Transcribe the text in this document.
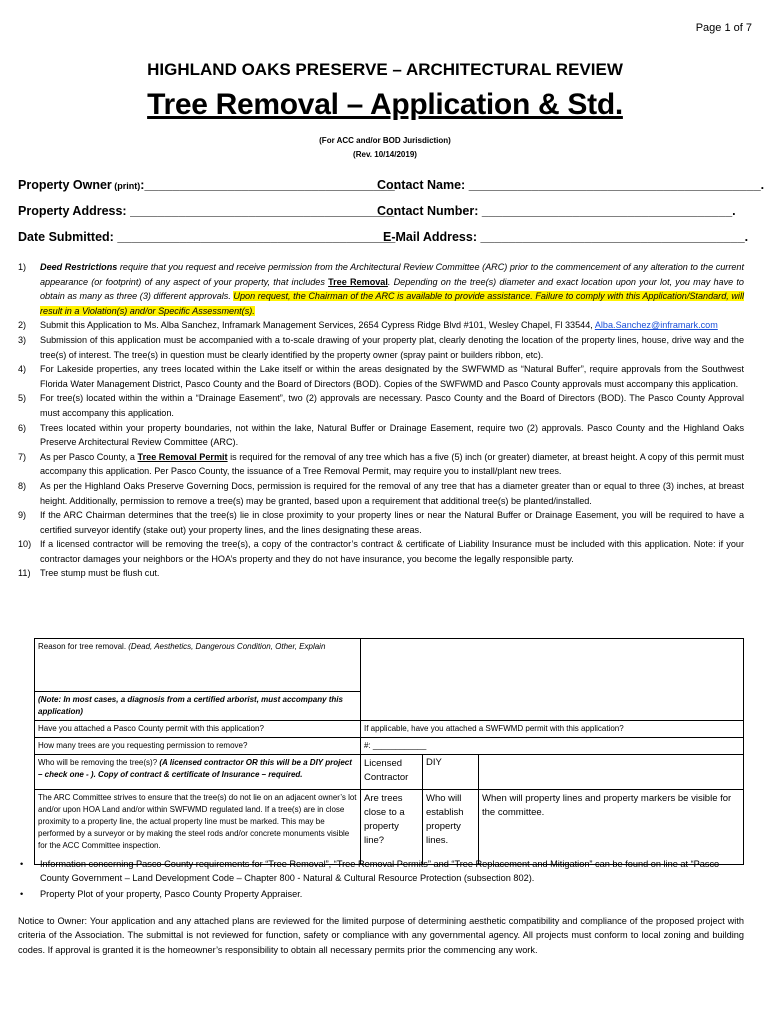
Page 1 of 7
HIGHLAND OAKS PRESERVE – ARCHITECTURAL REVIEW
Tree Removal – Application & Std.
(For ACC and/or BOD Jurisdiction)
(Rev. 10/14/2019)
Property Owner (print):____________________________________.
Contact Name: __________________________________________.
Property Address: ______________________________________.
Contact Number: ____________________________________.
Date Submitted: ________________________________________.
E-Mail Address: ______________________________________.
1) Deed Restrictions require that you request and receive permission from the Architectural Review Committee (ARC) prior to the commencement of any alteration to the current appearance (or footprint) of any aspect of your property, that includes Tree Removal. Depending on the tree(s) diameter and exact location upon your lot, you may have to obtain as many as three (3) different approvals. Upon request, the Chairman of the ARC is available to provide assistance. Failure to comply with this Application/Standard, will result in a Violation(s) and/or Specific Assessment(s).
2) Submit this Application to Ms. Alba Sanchez, Inframark Management Services, 2654 Cypress Ridge Blvd #101, Wesley Chapel, Fl 33544, Alba.Sanchez@inframark.com
3) Submission of this application must be accompanied with a to-scale drawing of your property plat, clearly denoting the location of the property lines, house, drive way and the tree(s) of interest. The tree(s) in question must be clearly identified by the property owner (spray paint or builders ribbon, etc).
4) For Lakeside properties, any trees located within the Lake itself or within the areas designated by the SWFWMD as “Natural Buffer”, require approvals from the Southwest Florida Water Management District, Pasco County and the Board of Directors (BOD). Copies of the SWFWMD and Pasco County approvals must accompany this application.
5) For tree(s) located within the within a “Drainage Easement”, two (2) approvals are necessary. Pasco County and the Board of Directors (BOD). The Pasco County Approval must accompany this application.
6) Trees located within your property boundaries, not within the lake, Natural Buffer or Drainage Easement, require two (2) approvals. Pasco County and the Highland Oaks Preserve Architectural Review Committee (ARC).
7) As per Pasco County, a Tree Removal Permit is required for the removal of any tree which has a five (5) inch (or greater) diameter, at breast height. A copy of this permit must accompany this application. Per Pasco County, the issuance of a Tree Removal Permit, may require you to install/plant new trees.
8) As per the Highland Oaks Preserve Governing Docs, permission is required for the removal of any tree that has a diameter greater than or equal to three (3) inches, at breast height. Additionally, permission to remove a tree(s) may be granted, based upon a requirement that additional tree(s) be planted/installed.
9) If the ARC Chairman determines that the tree(s) lie in close proximity to your property lines or near the Natural Buffer or Drainage Easement, you will be required to have a certified surveyor identify (stake out) your property lines, and the lines designating these areas.
10) If a licensed contractor will be removing the tree(s), a copy of the contractor’s contract & certificate of Liability Insurance must be included with this application. Note: if your contractor damages your neighbors or the HOA’s property and they do not have insurance, you become the legally responsible party.
11) Tree stump must be flush cut.
Reason for tree removal. (Dead, Aesthetics, Dangerous Condition, Other, Explain			
(Note: In most cases, a diagnosis from a certified arborist, must accompany this application)			
Have you attached a Pasco County permit with this application?	If applicable, have you attached a SWFWMD permit with this application?		
How many trees are you requesting permission to remove?	#: ____________		
Who will be removing the tree(s)? (A licensed contractor OR this will be a DIY project – check one - ). Copy of contract & certificate of Insurance – required.	Licensed Contractor	DIY	
The ARC Committee strives to ensure that the tree(s) do not lie on an adjacent owner’s lot and/or upon HOA Land and/or within SWFWMD regulated land. If a tree(s) are in close proximity to a property line, the actual property line must be marked. This may be performed by a surveyor or by making the steel rods and/or concrete monuments visible for the ACC Committee inspection.	Are trees close to a property line?	Who will establish property lines.	When will property lines and property markers be visible for the committee.
• Information concerning Pasco County requirements for “Tree Removal”, “Tree Removal Permits” and “Tree Replacement and Mitigation” can be found on line at “Pasco County Government – Land Development Code – Chapter 800 - Natural & Cultural Resource Protection (subsection 802).
• Property Plot of your property, Pasco County Property Appraiser.
Notice to Owner: Your application and any attached plans are reviewed for the limited purpose of determining aesthetic compatibility and compliance of the proposed project with criteria of the Association. The submittal is not reviewed for function, safety or compliance with any governmental agency. All projects must conform to local zoning and building codes. If approval is granted it is the homeowner’s responsibility to obtain all necessary permits prior the commencing any work.
